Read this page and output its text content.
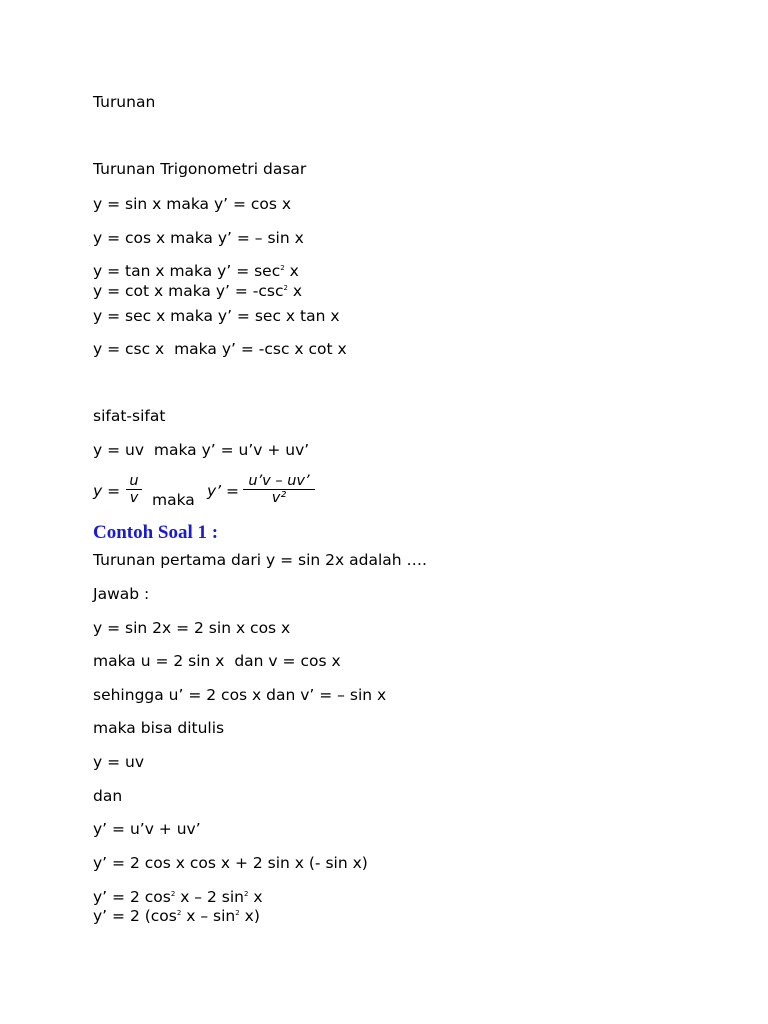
Turunan
Turunan Trigonometri dasar
y = sin x maka y’ = cos x
y = cos x maka y’ = – sin x
y = tan x maka y’ = $\sec^2 x$
y = cot x maka y’ = $-\csc^2$ x
y = sec x maka y’ = sec x tan x
y = csc x  maka y’ = -csc x cot x
sifat-sifat
y = uv  maka y’ = u’v + uv’
y =
u
v maka y’ =
u’v – uv’
v²
Contoh Soal 1 :
Turunan pertama dari y = sin 2x adalah ….
Jawab :
y = sin 2x = 2 sin x cos x
maka u = 2 sin x  dan v = cos x
sehingga u’ = 2 cos x dan v’ = – sin x
maka bisa ditulis
y = uv
dan
y’ = u’v + uv’
y’ = 2 cos x cos x + 2 sin x (- sin x)
y’ = 2 $\cos^2 x - 2$ $\sin^2 x$
y’ = 2 ($\cos^2$ x – $\sin^2 x$)
